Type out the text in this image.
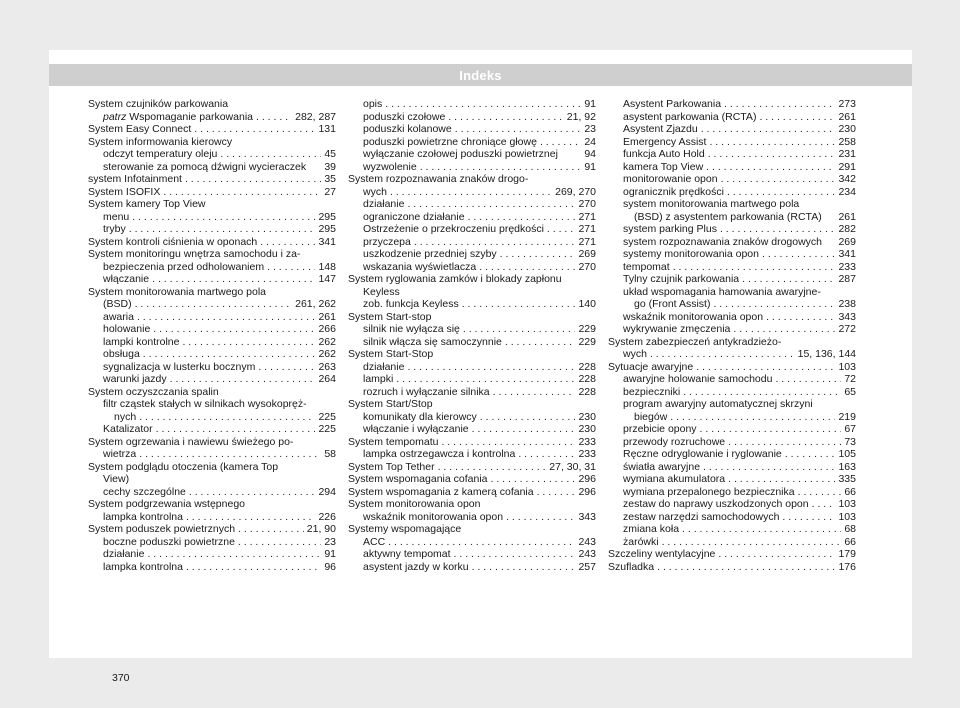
Indeks
System czujników parkowania
patrz Wspomaganie parkowania . . .	282, 287
System Easy Connect . . .	131
System informowania kierowcy
odczyt temperatury oleju . . .	45
sterowanie za pomocą dźwigni wycieraczek 39
system Infotainment . . .	35
System ISOFIX . . .	27
System kamery Top View
menu . . .	295
tryby . . .	295
System kontroli ciśnienia w oponach . . .	341
System monitoringu wnętrza samochodu i za-
bezpieczenia przed odholowaniem . . .	148
włączanie . . .	147
System monitorowania martwego pola
(BSD) . . .	261, 262
awaria . . .	261
holowanie . . .	266
lampki kontrolne . . .	262
obsługa . . .	262
sygnalizacja w lusterku bocznym . . .	263
warunki jazdy . . .	264
System oczyszczania spalin
filtr cząstek stałych w silnikach wysokopręż-
nych . . .	225
Katalizator . . .	225
System ogrzewania i nawiewu świeżego po-
wietrza . . .	58
System podglądu otoczenia (kamera Top
View)
cechy szczególne . . .	294
System podgrzewania wstępnego
lampka kontrolna . . .	226
System poduszek powietrznych . . .	21, 90
boczne poduszki powietrzne . . .	23
działanie . . .	91
lampka kontrolna . . .	96
opis . . .	91
poduszki czołowe . . .	21, 92
poduszki kolanowe . . .	23
poduszki powietrzne chroniące głowę . . .	24
wyłączanie czołowej poduszki powietrznej	94
wyzwolenie . . .	91
System rozpoznawania znaków drogo-
wych . . .	269, 270
działanie . . .	270
ograniczone działanie . . .	271
Ostrzeżenie o przekroczeniu prędkości . . .	271
przyczepa . . .	271
uszkodzenie przedniej szyby . . .	269
wskazania wyświetlacza . . .	270
System ryglowania zamków i blokady zapłonu
Keyless
zob. funkcja Keyless . . .	140
System Start-stop
silnik nie wyłącza się . . .	229
silnik włącza się samoczynnie . . .	229
System Start-Stop
działanie . . .	228
lampki . . .	228
rozruch i wyłączanie silnika . . .	228
System Start/Stop
komunikaty dla kierowcy . . .	230
włączanie i wyłączanie . . .	230
System tempomatu . . .	233
lampka ostrzegawcza i kontrolna . . .	233
System Top Tether . . .	27, 30, 31
System wspomagania cofania . . .	296
System wspomagania z kamerą cofania . . .	296
System monitorowania opon
wskaźnik monitorowania opon . . .	343
Systemy wspomagające
ACC . . .	243
aktywny tempomat . . .	243
asystent jazdy w korku . . .	257
Asystent Parkowania . . .	273
asystent parkowania (RCTA) . . .	261
Asystent Zjazdu . . .	230
Emergency Assist . . .	258
funkcja Auto Hold . . .	231
kamera Top View . . .	291
monitorowanie opon . . .	342
ogranicznik prędkości . . .	234
system monitorowania martwego pola
(BSD) z asystentem parkowania (RCTA) 261
system parking Plus . . .	282
system rozpoznawania znaków drogowych 269
systemy monitorowania opon . . .	341
tempomat . . .	233
Tylny czujnik parkowania . . .	287
układ wspomagania hamowania awaryjne-
go (Front Assist) . . .	238
wskaźnik monitorowania opon . . .	343
wykrywanie zmęczenia . . .	272
System zabezpieczeń antykradzieżo-
wych . . .	15, 136, 144
Sytuacje awaryjne . . .	103
awaryjne holowanie samochodu . . .	72
bezpieczniki . . .	65
program awaryjny automatycznej skrzyni
biegów . . .	219
przebicie opony . . .	67
przewody rozruchowe . . .	73
Ręczne odryglowanie i ryglowanie . . .	105
światła awaryjne . . .	163
wymiana akumulatora . . .	335
wymiana przepalonego bezpiecznika . . .	66
zestaw do naprawy uszkodzonych opon . . .	103
zestaw narzędzi samochodowych . . .	103
zmiana koła . . .	68
żarówki . . .	66
Szczeliny wentylacyjne . . .	179
Szufladka . . .	176
370
